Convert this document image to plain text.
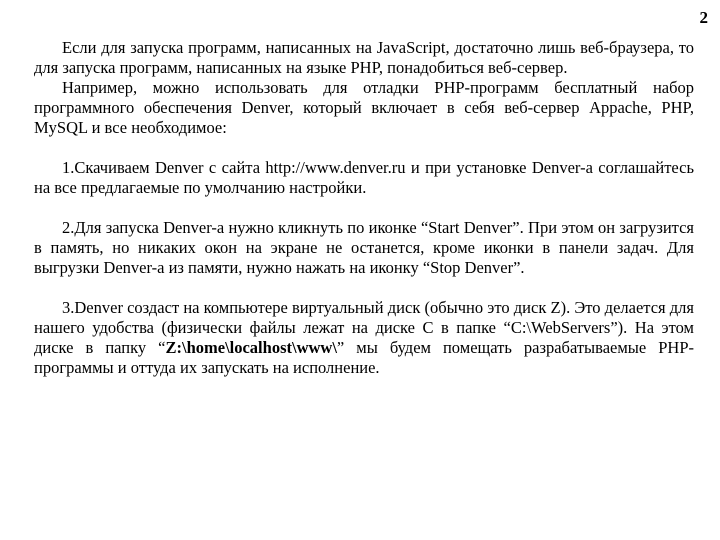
2

Если для запуска программ, написанных на JavaScript, достаточно лишь веб-браузера, то для запуска программ, написанных на языке PHP, понадобиться веб-сервер.

Например, можно использовать для отладки PHP-программ бесплатный набор программного обеспечения Denver, который включает в себя веб-сервер Appache, PHP, MySQL и все необходимое:

1.Скачиваем Denver с сайта http://www.denver.ru и при установке Denver-а соглашайтесь на все предлагаемые по умолчанию настройки.

2.Для запуска Denver-а нужно кликнуть по иконке “Start Denver”. При этом он загрузится в память, но никаких окон на экране не останется, кроме иконки в панели задач. Для выгрузки Denver-а из памяти, нужно нажать на иконку “Stop Denver”.

3.Denver создаст на компьютере виртуальный диск (обычно это диск Z). Это делается для нашего удобства (физически файлы лежат на диске С в папке “C:\WebServers”). На этом диске в папку “Z:\home\localhost\www\” мы будем помещать разрабатываемые PHP-программы и оттуда их запускать на исполнение.
